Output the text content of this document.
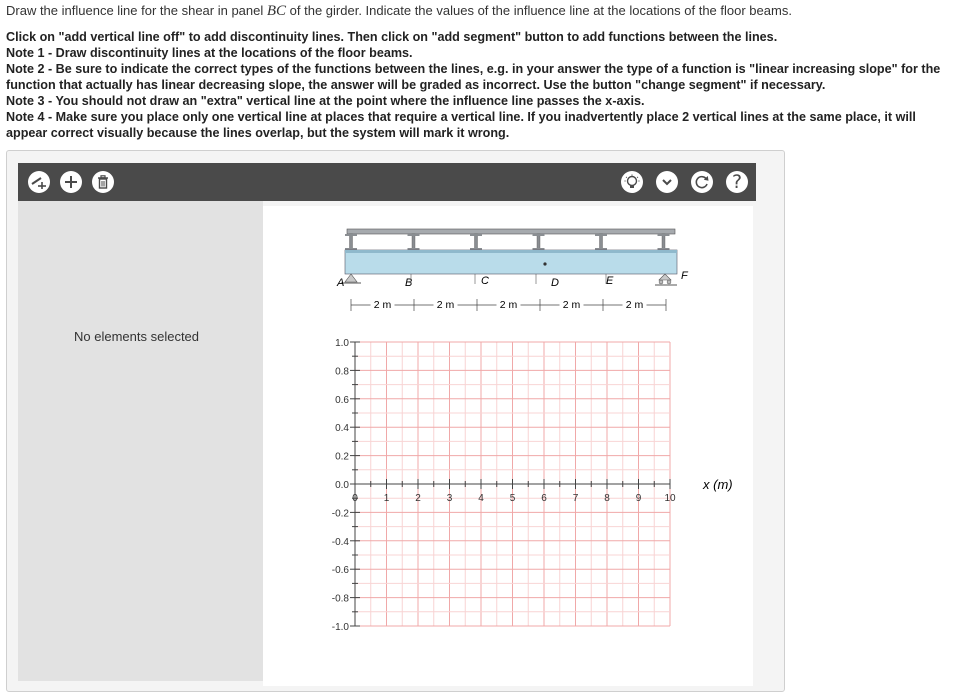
Draw the influence line for the shear in panel BC of the girder. Indicate the values of the influence line at the locations of the floor beams.
Click on "add vertical line off" to add discontinuity lines. Then click on "add segment" button to add functions between the lines.
Note 1 - Draw discontinuity lines at the locations of the floor beams.
Note 2 - Be sure to indicate the correct types of the functions between the lines, e.g. in your answer the type of a function is "linear increasing slope" for the
function that actually has linear decreasing slope, the answer will be graded as incorrect. Use the button "change segment" if necessary.
Note 3 - You should not draw an "extra" vertical line at the point where the influence line passes the x-axis.
Note 4 - Make sure you place only one vertical line at places that require a vertical line. If you inadvertently place 2 vertical lines at the same place, it will
appear correct visually because the lines overlap, but the system will mark it wrong.
?
No elements selected
A	B	C	D	E	F
2 m	2 m	2 m	2 m	2 m
0	1	2	3	4	5	6	7	8	9 10
1.0
0.8
0.6
0.4
0.2
0.0
-0.2
-0.4
-0.6
-0.8
-1.0
x (m)
